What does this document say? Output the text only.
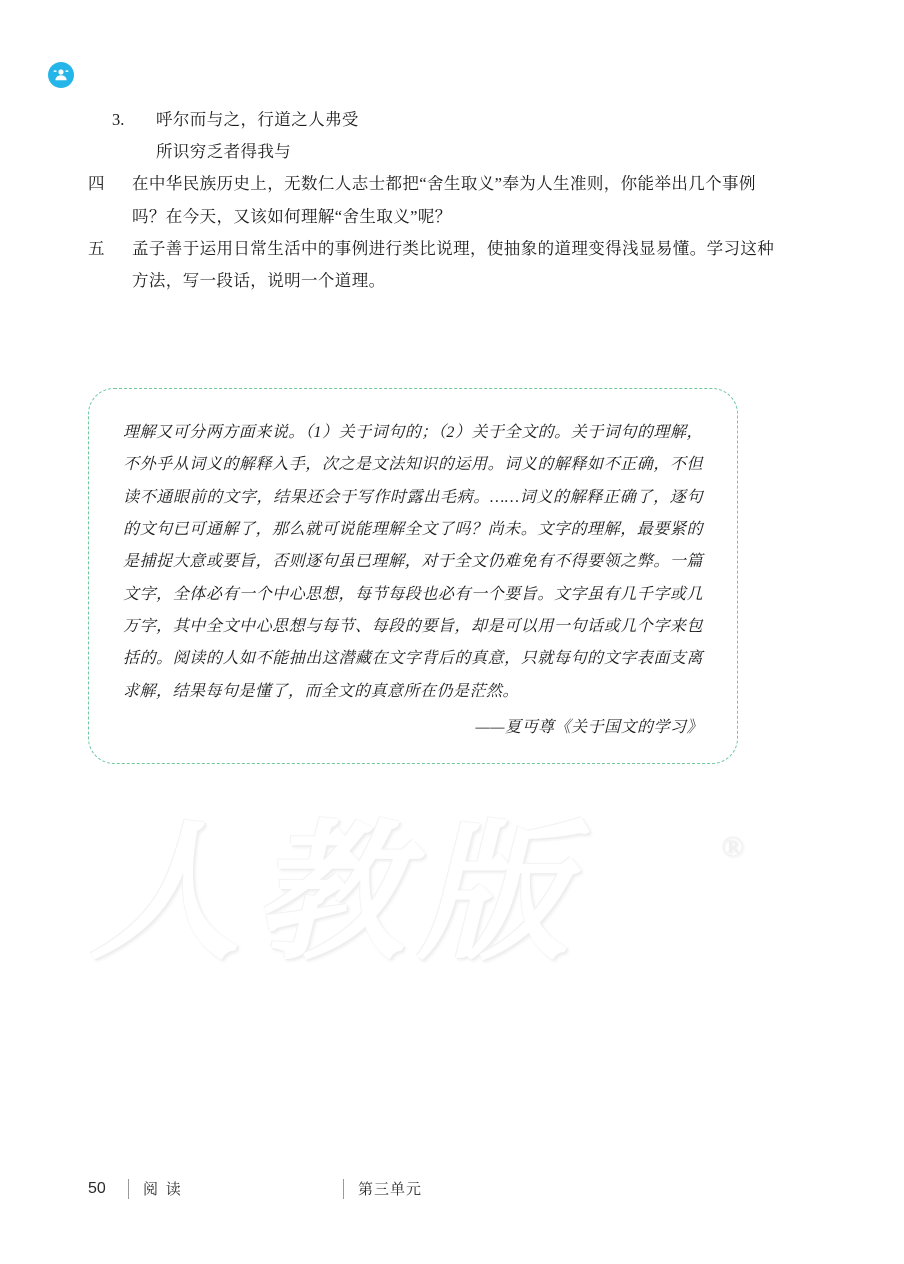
3.	呼尔而与之，行道之人弗受
所识穷乏者得我与
四	在中华民族历史上，无数仁人志士都把“舍生取义”奉为人生准则，你能举出几个事例吗？在今天，又该如何理解“舍生取义”呢？
五	孟子善于运用日常生活中的事例进行类比说理，使抽象的道理变得浅显易懂。学习这种方法，写一段话，说明一个道理。
理解又可分两方面来说。（1）关于词句的；（2）关于全文的。关于词句的理解，不外乎从词义的解释入手，次之是文法知识的运用。词义的解释如不正确，不但读不通眼前的文字，结果还会于写作时露出毛病。……词义的解释正确了，逐句的文句已可通解了，那么就可说能理解全文了吗？尚未。文字的理解，最要紧的是捕捉大意或要旨，否则逐句虽已理解，对于全文仍难免有不得要领之弊。一篇文字，全体必有一个中心思想，每节每段也必有一个要旨。文字虽有几千字或几万字，其中全文中心思想与每节、每段的要旨，却是可以用一句话或几个字来包括的。阅读的人如不能抽出这潜藏在文字背后的真意，只就每句的文字表面支离求解，结果每句是懂了，而全文的真意所在仍是茫然。
——夏丏尊《关于国文的学习》
人教版	®
50	阅 读	第三单元
